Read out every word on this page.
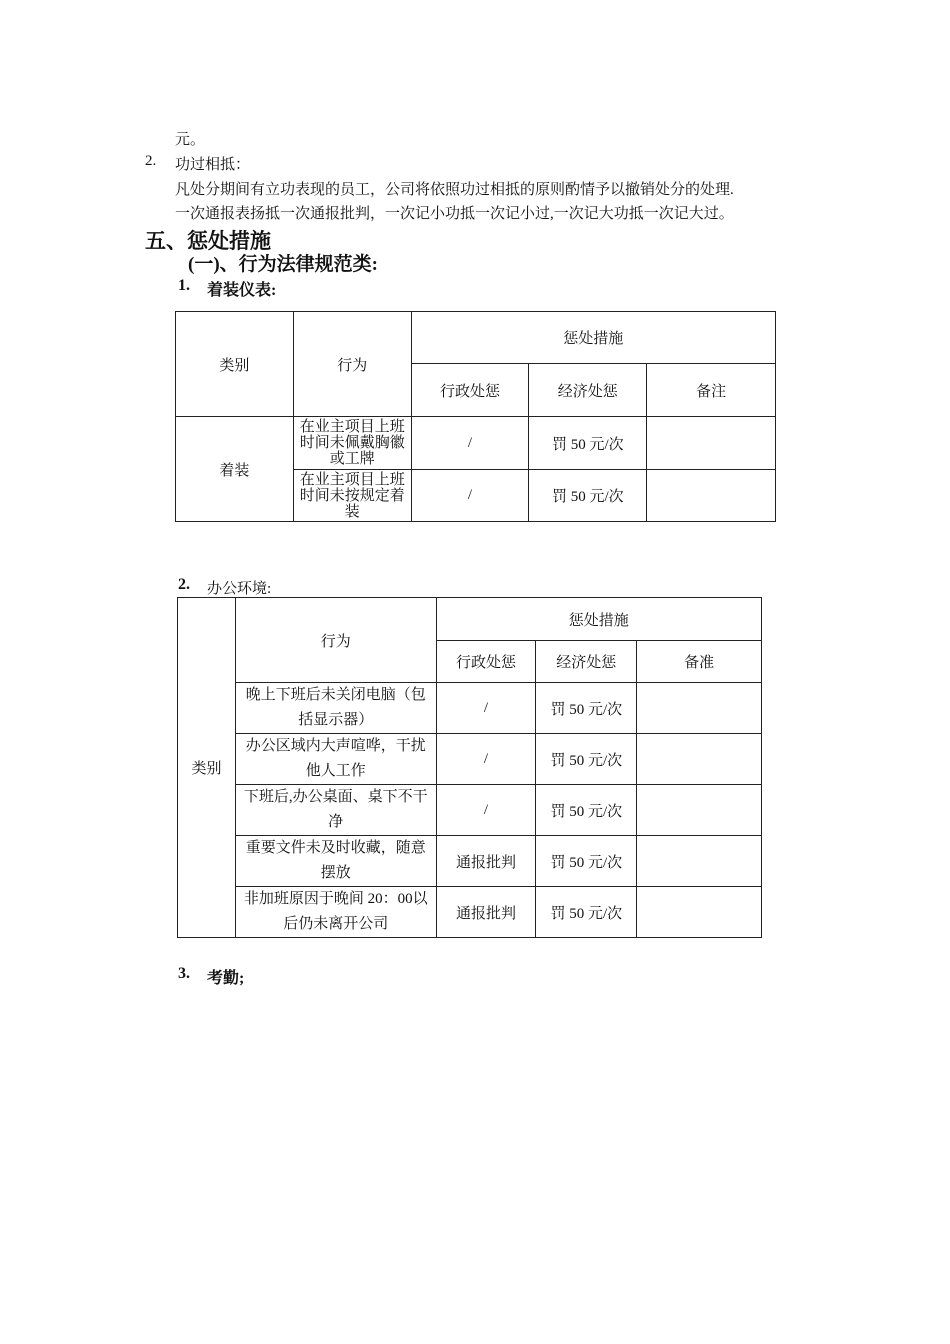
元。
2. 功过相抵：
凡处分期间有立功表现的员工，公司将依照功过相抵的原则酌情予以撤销处分的处理.
一次通报表扬抵一次通报批判，一次记小功抵一次记小过,一次记大功抵一次记大过。
五、惩处措施
(一)、行为法律规范类:
1. 着装仪表:
类别	行为	惩处措施		
		行政处惩	经济处惩	备注
着装	在业主项目上班时间未佩戴胸徽或工牌	/	罚 50 元/次	
	在业主项目上班时间未按规定着装	/	罚 50 元/次	
2. 办公环境:
类别	行为	惩处措施		
		行政处惩	经济处惩	备准
	晚上下班后未关闭电脑（包括显示器）	/	罚 50 元/次	
	办公区域内大声喧哗，干扰他人工作	/	罚 50 元/次	
	下班后,办公桌面、桌下不干净	/	罚 50 元/次	
	重要文件未及时收藏，随意摆放	通报批判	罚 50 元/次	
	非加班原因于晚间 20：00以后仍未离开公司	通报批判	罚 50 元/次	
3. 考勤;
